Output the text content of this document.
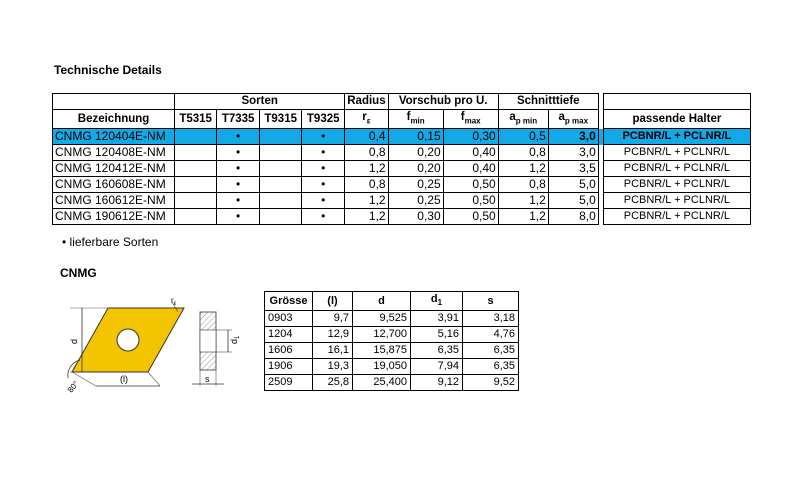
Technische Details
	Sorten				Radius	Vorschub pro U.		Schnitttiefe			
Bezeichnung	T5315	T7335	T9315	T9325	$r_\varepsilon$	$f_{min}$	$f_{max}$	$a_{p min}$	$a_{p max}$		passende Halter
CNMG 120404E-NM		•		•	0,4	0,15	0,30	0,5	3,0		PCBNR/L + PCLNR/L
CNMG 120408E-NM		•		•	0,8	0,20	0,40	0,8	3,0		PCBNR/L + PCLNR/L
CNMG 120412E-NM		•		•	1,2	0,20	0,40	1,2	3,5		PCBNR/L + PCLNR/L
CNMG 160608E-NM		•		•	0,8	0,25	0,50	0,8	5,0		PCBNR/L + PCLNR/L
CNMG 160612E-NM		•		•	1,2	0,25	0,50	1,2	5,0		PCBNR/L + PCLNR/L
CNMG 190612E-NM		•		•	1,2	0,30	0,50	1,2	8,0		PCBNR/L + PCLNR/L
• lieferbare Sorten
CNMG
d
(l)
80°
$r_\varepsilon$
$d_1$
s
Grösse	(l)	d	$d_1$	s
0903	9,7	9,525	3,91	3,18
1204	12,9	12,700	5,16	4,76
1606	16,1	15,875	6,35	6,35
1906	19,3	19,050	7,94	6,35
2509	25,8	25,400	9,12	9,52
